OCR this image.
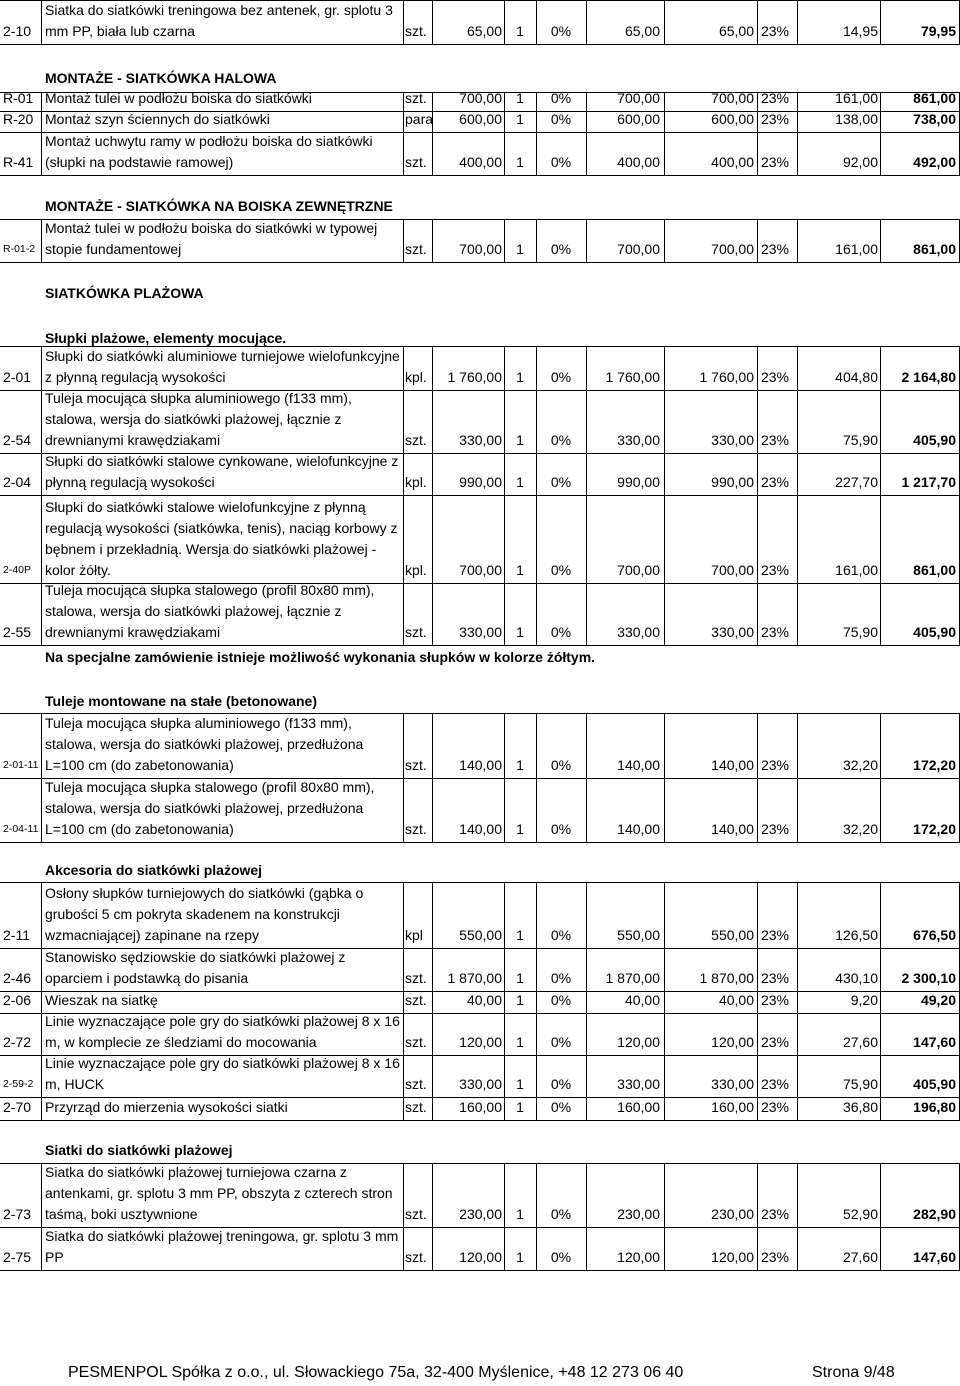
MONTAŻE - SIATKÓWKA HALOWA
MONTAŻE - SIATKÓWKA NA BOISKA ZEWNĘTRZNE
SIATKÓWKA PLAŻOWA
Słupki plażowe, elementy mocujące.
Na specjalne zamówienie istnieje możliwość wykonania słupków w kolorze żółtym.
Tuleje montowane na stałe (betonowane)
Akcesoria do siatkówki plażowej
Siatki do siatkówki plażowej
2-10
Siatka do siatkówki treningowa bez antenek, gr. splotu 3 mm PP, biała lub czarna	szt.	65,00	1	0%	65,00	65,00 23%	14,95	79,95
R-01 Montaż tulei w podłożu boiska do siatkówki	szt.	700,00	1	0%	700,00	700,00 23%	161,00	861,00
R-20 Montaż szyn ściennych do siatkówki	para	600,00	1	0%	600,00	600,00 23%	138,00	738,00
R-41
Montaż uchwytu ramy w podłożu boiska do siatkówki (słupki na podstawie ramowej)	szt.	400,00	1	0%	400,00	400,00 23%	92,00	492,00
R-01-2
Montaż tulei w podłożu boiska do siatkówki w typowej stopie fundamentowej	szt.	700,00	1	0%	700,00	700,00 23%	161,00	861,00
2-01
Słupki do siatkówki aluminiowe turniejowe wielofunkcyjne z płynną regulacją wysokości	kpl.	1 760,00	1	0%	1 760,00	1 760,00 23%	404,80	2 164,80
2-54
Tuleja mocująca słupka aluminiowego (f133 mm), stalowa, wersja do siatkówki plażowej, łącznie z drewnianymi krawędziakami	szt.	330,00	1	0%	330,00	330,00 23%	75,90	405,90
2-04
Słupki do siatkówki stalowe cynkowane, wielofunkcyjne z płynną regulacją wysokości	kpl.	990,00	1	0%	990,00	990,00 23%	227,70	1 217,70
2-40P
Słupki do siatkówki stalowe wielofunkcyjne z płynną regulacją wysokości (siatkówka, tenis), naciąg korbowy z bębnem i przekładnią. Wersja do siatkówki plażowej - kolor żółty.	kpl.	700,00	1	0%	700,00	700,00 23%	161,00	861,00
2-55
Tuleja mocująca słupka stalowego (profil 80x80 mm), stalowa, wersja do siatkówki plażowej, łącznie z drewnianymi krawędziakami	szt.	330,00	1	0%	330,00	330,00 23%	75,90	405,90
2-01-11
Tuleja mocująca słupka aluminiowego (f133 mm), stalowa, wersja do siatkówki plażowej, przedłużona L=100 cm (do zabetonowania)	szt.	140,00	1	0%	140,00	140,00 23%	32,20	172,20
2-04-11
Tuleja mocująca słupka stalowego (profil 80x80 mm), stalowa, wersja do siatkówki plażowej, przedłużona L=100 cm (do zabetonowania)	szt.	140,00	1	0%	140,00	140,00 23%	32,20	172,20
2-11
Osłony słupków turniejowych do siatkówki (gąbka o grubości 5 cm pokryta skadenem na konstrukcji wzmacniającej) zapinane na rzepy	kpl	550,00	1	0%	550,00	550,00 23%	126,50	676,50
2-46
Stanowisko sędziowskie do siatkówki plażowej z oparciem i podstawką do pisania	szt.	1 870,00	1	0%	1 870,00	1 870,00 23%	430,10	2 300,10
2-06 Wieszak na siatkę	szt.	40,00	1	0%	40,00	40,00 23%	9,20	49,20
2-72
Linie wyznaczające pole gry do siatkówki plażowej 8 x 16 m, w komplecie ze śledziami do mocowania	szt.	120,00	1	0%	120,00	120,00 23%	27,60	147,60
2-59-2
Linie wyznaczające pole gry do siatkówki plażowej 8 x 16 m, HUCK	szt.	330,00	1	0%	330,00	330,00 23%	75,90	405,90
2-70 Przyrząd do mierzenia wysokości siatki	szt.	160,00	1	0%	160,00	160,00 23%	36,80	196,80
2-73
Siatka do siatkówki plażowej turniejowa czarna z antenkami, gr. splotu 3 mm PP, obszyta z czterech stron taśmą, boki usztywnione	szt.	230,00	1	0%	230,00	230,00 23%	52,90	282,90
2-75
Siatka do siatkówki plażowej treningowa, gr. splotu 3 mm PP	szt.	120,00	1	0%	120,00	120,00 23%	27,60	147,60
PESMENPOL Spółka z o.o., ul. Słowackiego 75a, 32-400 Myślenice, +48 12 273 06 40	Strona 9/48
